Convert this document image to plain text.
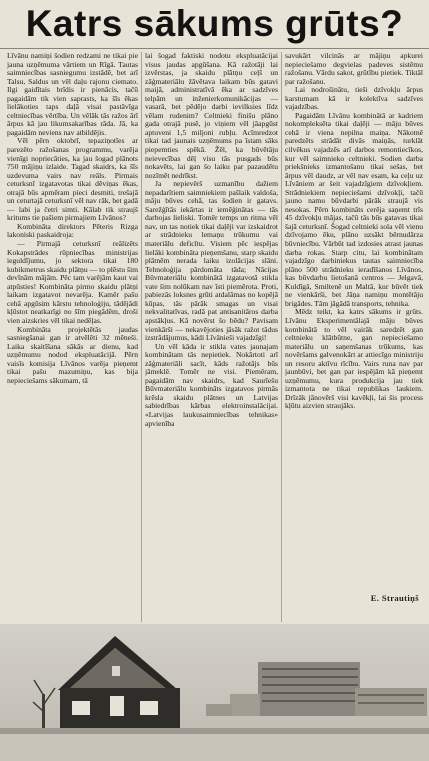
Katrs sākums grūts?

Līvānu namiņi šodien redzami ne tikai pie jauna uzņēmuma vārtiem un Rīgā. Tautas saimniecības sasniegumu izstādē, bet arī Talsu, Saldus un vēl daļu rajonu ciemato. Ilgi gaidītais brīdis ir pienācis, tačū pagaidām tik vien saprasts, ka šīs ēkas lielākoties taps daļā visai pastāvīga celtniecības vērtība. Un vēlāk tās ražos ārī ārpus kā jau likumsakarības rāda. Jā, ka pagaidām neviens nav atbildējis.

Vēl pērn oktobrī, tepaziņotīes ar parezēto ražošanas programmu, varēja vienīgi nopriecāties, ka jau šogad plānots 750 mājiņu izlaide. Tagad skaidrs, ka šīs uzdevuma vairs nav reāls. Pirmais ceturksnī izgatavotas tikai dēviņas ēkas, otrajā būs apmēram pieci desmiti, trešajā un ceturtajā ceturksnī vēl nav rāk, bet gadā — labi ja četri simti. Kālab tik straujš kritums tie pašiem pirmajiem Līvānos?

Kombināta direktors Pēteris Rizga lakoniski paskaidroja:

— Pirmajā ceturksnī reālizēts Kokapstrādes rūpniecības ministrijas ieguldījumu, jo sektora tikai 180 kubikmetrus skaidu plātņu — to plēstu šim devīnām mājām. Pēc tam varējām kaut vai atpūsties! Kombināta pirmo skaidu plātņi laikam izgatavot nevarēja. Kamēr pašu cehā apgūsim kārstu tehnoloģiju, tādējādi kļūstot neatkarīgi no šīm piegādēm, droši vien aizskries vēl tikai nedēļas.

Kombināta projektētās jaudas sasniegšanai gan ir atvēlēti 32 mēneši. Laika skaitīšana sākās ar dienu, kad uzņēmumu nodod ekspluatācijā. Pērn vaisīs komisija Līvānos varēja pieņemt tikai pašu mazumiņu, kas bija nepieciešams sākumam, tā

lai šogad faktiski nodotu ekspluatācijai visus jaudas apgūšana. Kā ražotāji lai izvērstas, ja skaidu plātņu ceļš un zāģmateriālu žāvētava laikam būs gatavi maijā, administratīvā ēka ar sadzīves telpām un inženierkomunikācijas — vasarā, bet pēdējo darbi ievilksies līdz vēlam rudenim? Celtnieki finišu plāno gada otrajā pusē, jo viņiem vēl jāapgūst aptuveni 1,5 miljoni rubļu. Acīmredzot tikai tad jaunais uzņēmums pa īstam sāks piepemties spēkā. Žēl, ka būvētāju neievecības dēļ visu tās pusgads būs nokavēts, lai gan šo laiku par pazaudētu nozīmēt nedrīkst.

Ja nepievērš uzmanību dažiem nepadarītiem saimniekiem pašlaik valdoša, māju būves cehā, tas šodien ir gatavs. Sarežģītās iekārtas ir iemēģinātas — tās darbojas lieliski. Tomēr temps un ritma vēl nav, un tas notiek tikai daļēji var izskaidrot ar strādnieku lemaņu trūkumu vai materiālu deficītu. Visiem pēc iespējas lielāki kombināta pieņemšanu, starp skaidu plātnēm nerada laiku izolācijas slāni. Tehnoloģija pārdomāta tāda; Nācijas Būvmateriālu kombinātā izgatavotā stikla vate šim nolūkam nav īsti piemērota. Proti, pabiezās loksnes grūti atdalāmas no kopējā kūpas, tās pārāk smagas un visai nekvalitatīvas, radā pat antisanitāros darba apstākļus. Kā novērst šo bēdu? Pavisam vienkārši — nekavējoties jāsāk ražot tādus izstrādājumus, kādi Līvānieši vajadzīgi!

Un vēl kāda ir stikla vates jaunajam kombinātam tās nepietiek. Nokārtoti arī zāģmateriāli sacīt, kāds ražotājs būs jāmeklē. Tomēr ne visi. Piemēram, pagaidām nav skaidrs, kad Saurīešu Būvmateriālu kombināts izgatavos pirmās krēsla skaidu plātnes un Latvijas sabiedrības kārbas elektroinstalācijai. «Latvijas laukusaimniecības tehnikas» apvienība

savukārt vilcinās ar mājiņu apkurei nepieciešamo degvielas padeves sistēmu ražošanu. Vārdu sakot, grūtību pietiek. Tiktāl par ražošanu.

Lai nodrošinātu, tieši dzīvokļu ārpus karstumam kā ir kolektīva sadzīves vajadzības.

Pagaidām Līvānu kombinātā ar kadriem nokompleksēta tikai daļēji — māju būves cehā ir viena nepilna maiņa. Nākotnē paredzēts strādāt divās maiņās, turklāt cilvēkus vajadzēs arī darbos remontiecīkos, kur vēl saimnieko celtnieki. Sodien darba priekšnieks izmantošanu tikai sešas, bet ārpus vēl daudz, ar vēl nav esam, ka ceļu uz Līvāniem ar šeit vajadzīgiem dzīvokļiem. Strādniekiem nepieciešami dzīvokļi, tačū jauno namu būvdarbi pārāk straujā vis nesokas. Pērn kombināts cerēja saņemt trīs 45 dzīvokļu mājas, tačū tās būs gatavas tikai šajā ceturksnī. Šogad celtnieki sola vēl vienu dzīvojamo ēku, plāno uzsākt bērnudārza būvniecību. Vārbūt tad izdosies atrast jaunas darba rokas. Starp citu, lai kombinātam vajadzīgo darbiniekus tautas saimniecība plāno 500 strādnieku ieradīšanos Līvānos, kas būvdarbu lietošanā centros — Jelgavā, Kuldīgā, Smiltenē un Maltā, kur būvēt tiek ne vienkārši, bet Jāņa namiņu montētāju brigādes. Tām jāgādā transports, tehnika.

Mēdz teikt, ka katrs sākums ir grūts. Līvānu Eksperimentālajā māju būves kombinātā to vēl vairāk saredzēt gan celtnieku klātbūtne, gan nepieciešamo materiālu un saņemšanas trūkums, kas novēršams galvenokārt ar attiecīgo ministriju un resoru aktīvu rīcību. Vairs runa nav par jaunbūvi, bet gan par iespējām kā pieņemt uzņēmumu, kura produkcija jau tiek izmantota ne tikai republikas laukiem. Drīzāk jānovērš visi kavēkļi, lai šis process kļūtu aizvien straujāks.

E. Strautiņš
